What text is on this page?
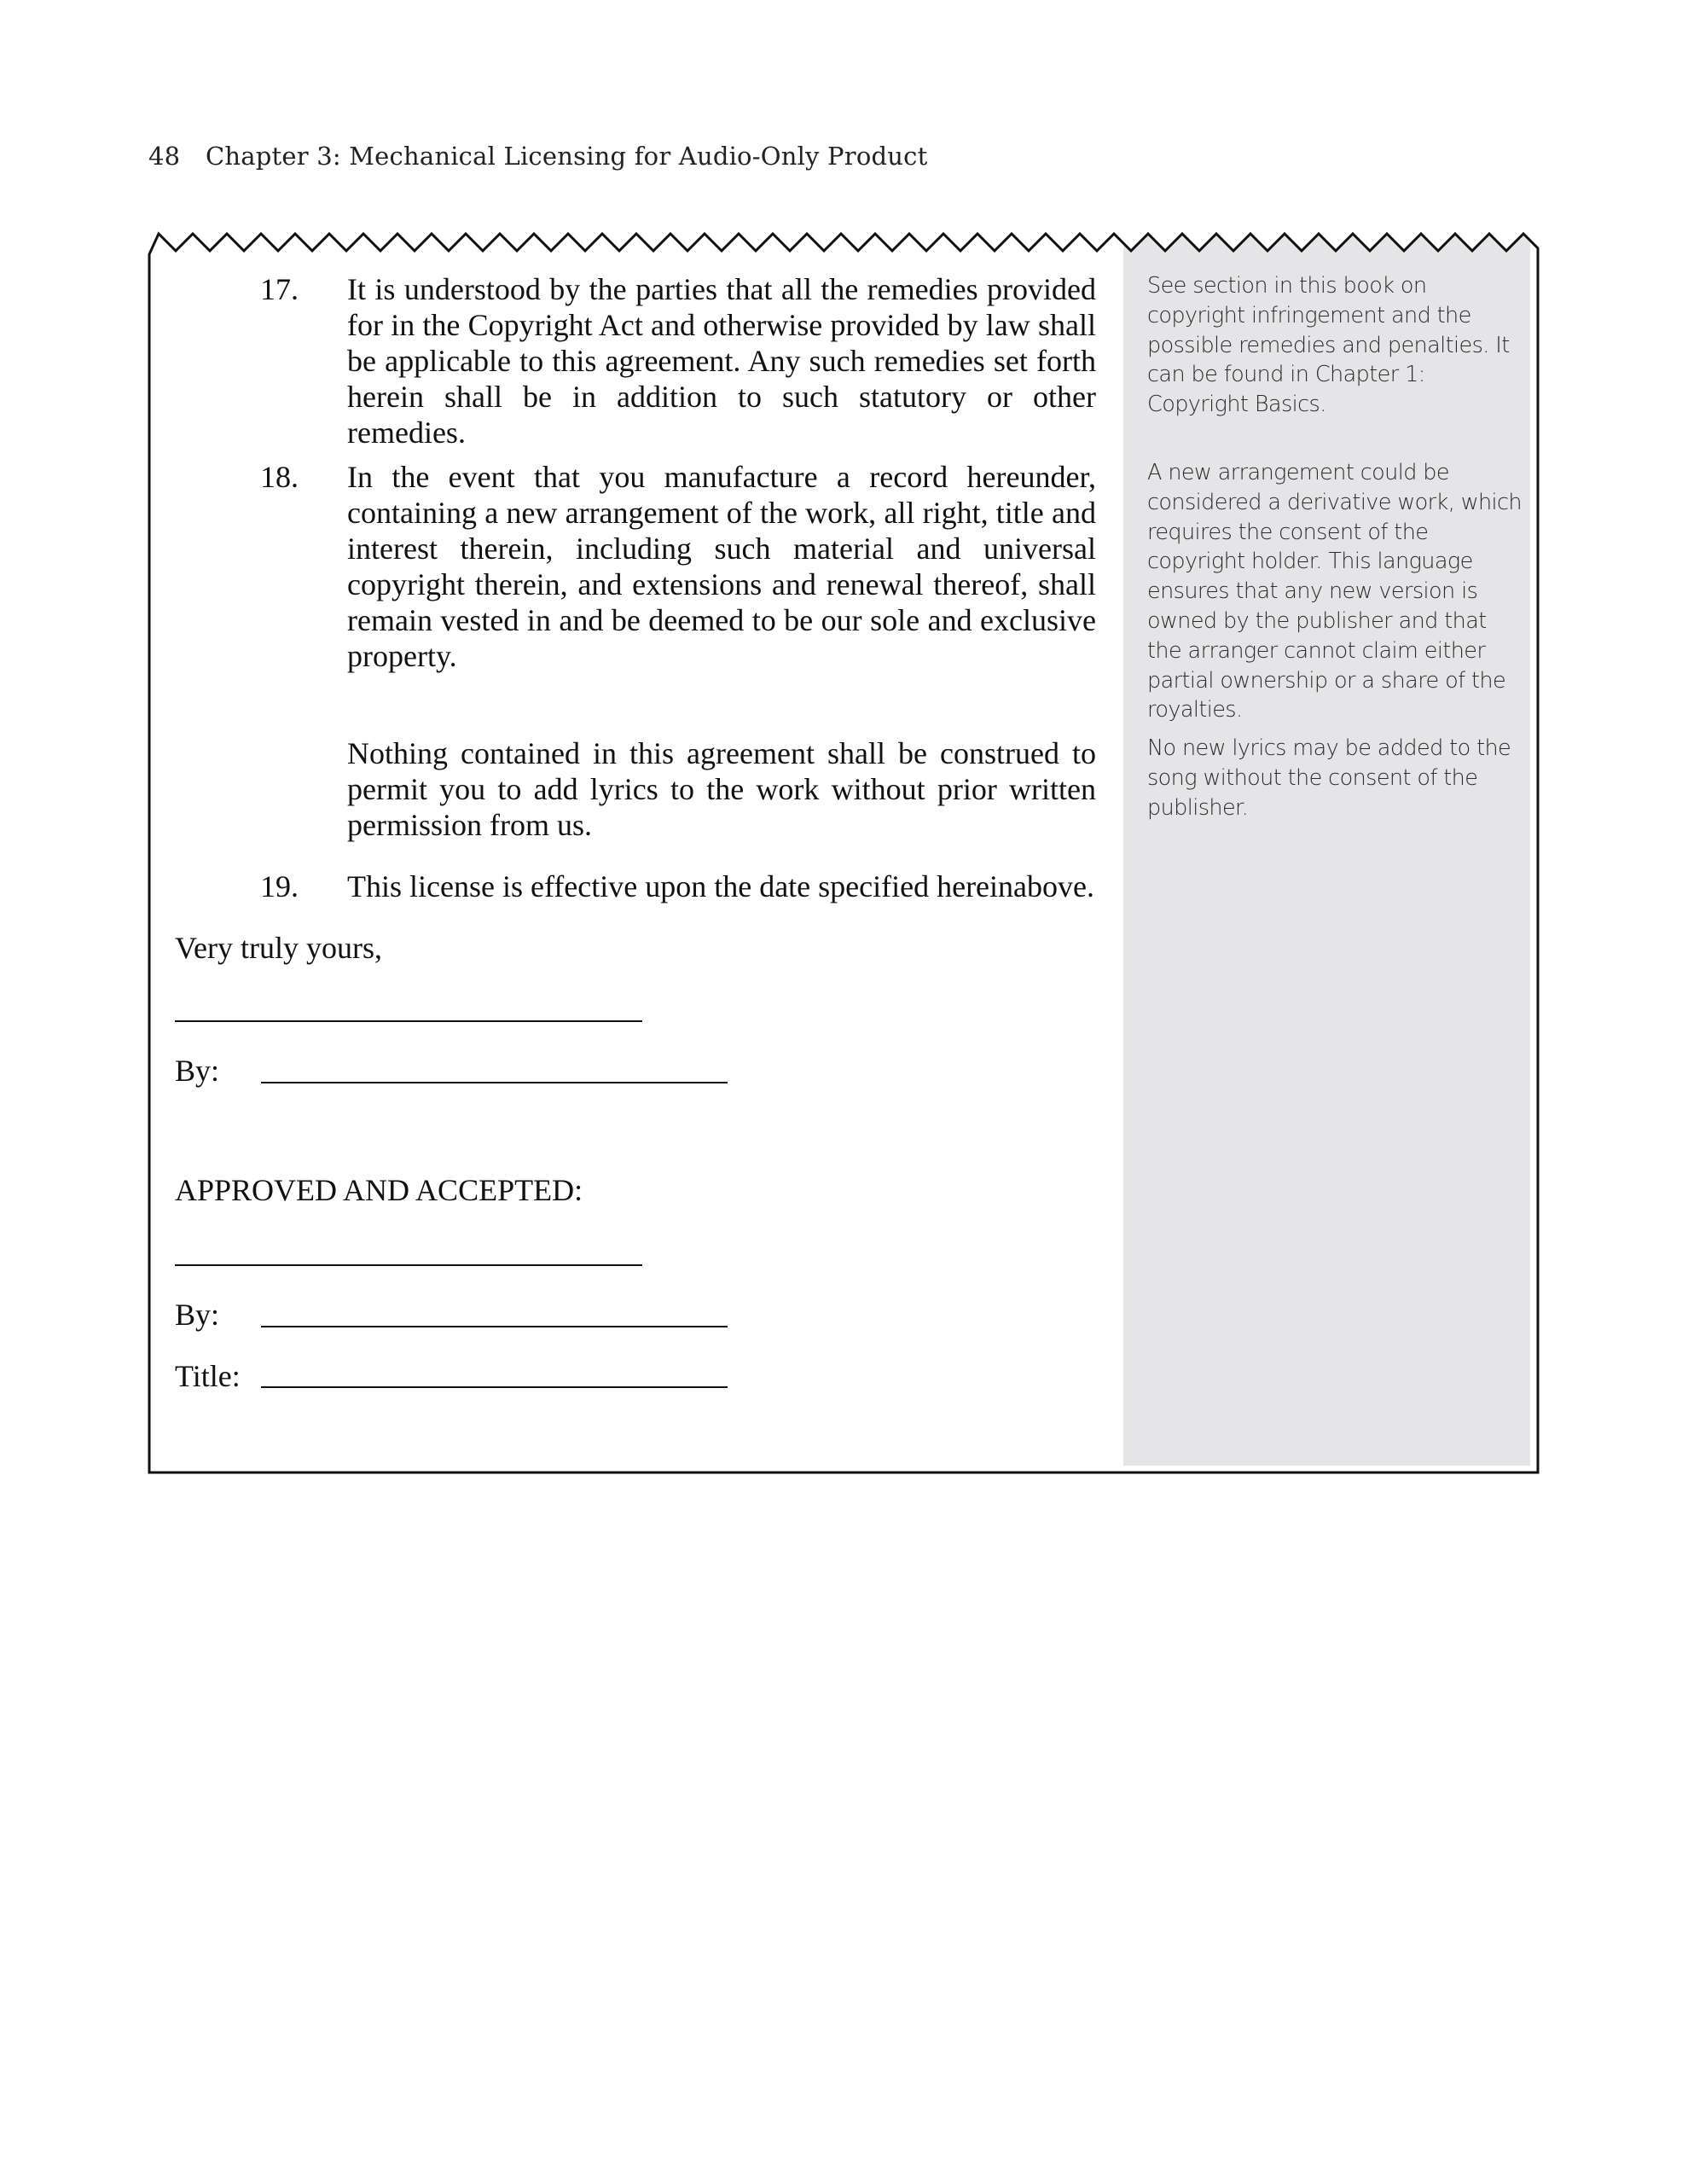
48 Chapter 3: Mechanical Licensing for Audio-Only Product
17.	It is understood by the parties that all the remedies provided for in the Copyright Act and otherwise provided by law shall be applicable to this agreement. Any such remedies set forth herein shall be in addition to such statutory or other remedies.
18.	In the event that you manufacture a record hereunder, containing a new arrangement of the work, all right, title and interest therein, including such material and universal copyright therein, and extensions and renewal thereof, shall remain vested in and be deemed to be our sole and exclusive property.
Nothing contained in this agreement shall be construed to permit you to add lyrics to the work without prior written permission from us.
19.	This license is effective upon the date specified hereinabove.
Very truly yours,
By:
APPROVED AND ACCEPTED:
By:
Title:
See section in this book on copyright infringement and the possible remedies and penalties. It can be found in Chapter 1: Copyright Basics.
A new arrangement could be considered a derivative work, which requires the consent of the copyright holder. This language ensures that any new version is owned by the publisher and that the arranger cannot claim either partial ownership or a share of the royalties.
No new lyrics may be added to the song without the consent of the publisher.
